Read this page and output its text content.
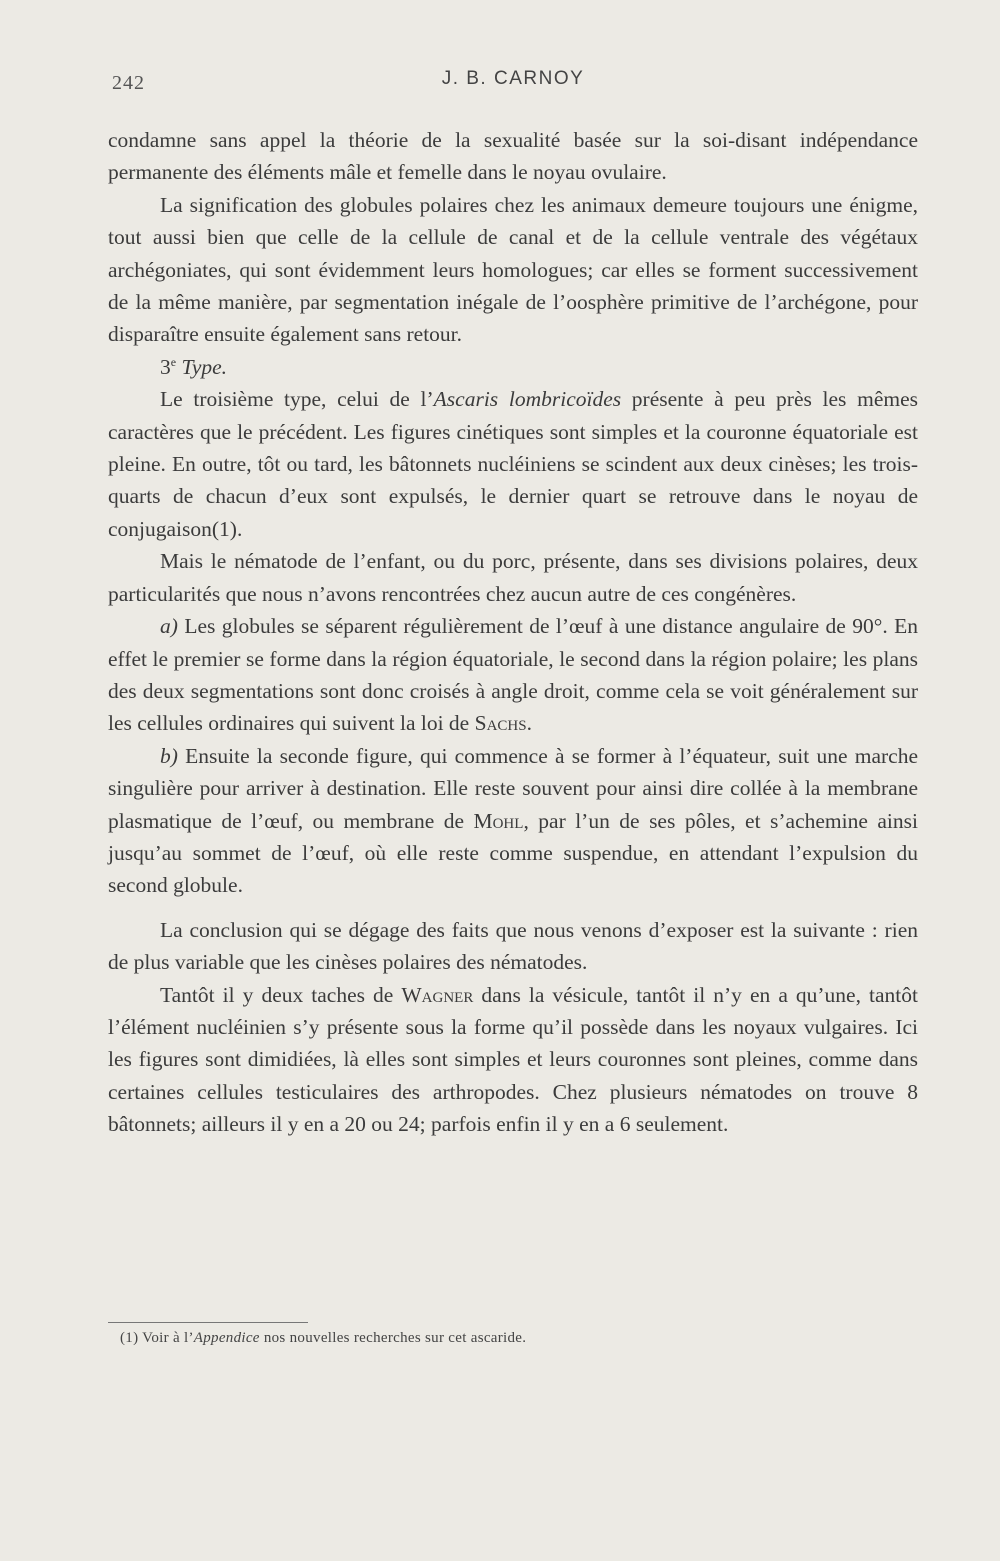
242	J. B. CARNOY

condamne sans appel la théorie de la sexualité basée sur la soi-disant indépendance permanente des éléments mâle et femelle dans le noyau ovulaire.

La signification des globules polaires chez les animaux demeure toujours une énigme, tout aussi bien que celle de la cellule de canal et de la cellule ventrale des végétaux archégoniates, qui sont évidemment leurs homologues; car elles se forment successivement de la même manière, par segmentation inégale de l’oosphère primitive de l’archégone, pour disparaître ensuite également sans retour.

3e Type.

Le troisième type, celui de l’Ascaris lombricoïdes présente à peu près les mêmes caractères que le précédent. Les figures cinétiques sont simples et la couronne équatoriale est pleine. En outre, tôt ou tard, les bâtonnets nucléiniens se scindent aux deux cinèses; les trois-quarts de chacun d’eux sont expulsés, le dernier quart se retrouve dans le noyau de conjugaison(1).

Mais le nématode de l’enfant, ou du porc, présente, dans ses divisions polaires, deux particularités que nous n’avons rencontrées chez aucun autre de ces congénères.

a) Les globules se séparent régulièrement de l’œuf à une distance angulaire de 90°. En effet le premier se forme dans la région équatoriale, le second dans la région polaire; les plans des deux segmentations sont donc croisés à angle droit, comme cela se voit généralement sur les cellules ordinaires qui suivent la loi de Sachs.

b) Ensuite la seconde figure, qui commence à se former à l’équateur, suit une marche singulière pour arriver à destination. Elle reste souvent pour ainsi dire collée à la membrane plasmatique de l’œuf, ou membrane de Mohl, par l’un de ses pôles, et s’achemine ainsi jusqu’au sommet de l’œuf, où elle reste comme suspendue, en attendant l’expulsion du second globule.

La conclusion qui se dégage des faits que nous venons d’exposer est la suivante : rien de plus variable que les cinèses polaires des nématodes.

Tantôt il y deux taches de Wagner dans la vésicule, tantôt il n’y en a qu’une, tantôt l’élément nucléinien s’y présente sous la forme qu’il possède dans les noyaux vulgaires. Ici les figures sont dimidiées, là elles sont simples et leurs couronnes sont pleines, comme dans certaines cellules testiculaires des arthropodes. Chez plusieurs nématodes on trouve 8 bâtonnets; ailleurs il y en a 20 ou 24; parfois enfin il y en a 6 seulement.

(1) Voir à l’Appendice nos nouvelles recherches sur cet ascaride.
